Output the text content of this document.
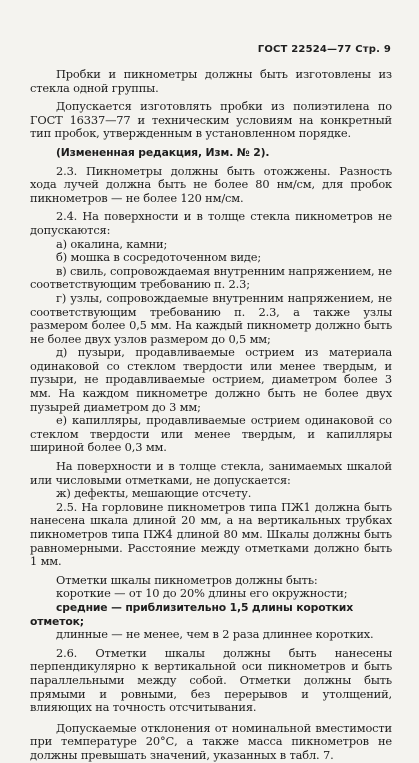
ГОСТ 22524—77 Стр. 9

Пробки и пикнометры должны быть изготовлены из стекла одной группы.

Допускается изготовлять пробки из полиэтилена по ГОСТ 16337—77 и техническим условиям на конкретный тип пробок, утвержденным в установленном порядке.

(Измененная редакция, Изм. № 2).

2.3. Пикнометры должны быть отожжены. Разность хода лучей должна быть не более 80 нм/см, для пробок пикнометров — не более 120 нм/см.

2.4. На поверхности и в толще стекла пикнометров не допускаются:

а) окалина, камни;

б) мошка в сосредоточенном виде;

в) свиль, сопровождаемая внутренним напряжением, не соответствующим требованию п. 2.3;

г) узлы, сопровождаемые внутренним напряжением, не соответствующим требованию п. 2.3, а также узлы размером более 0,5 мм. На каждый пикнометр должно быть не более двух узлов размером до 0,5 мм;

д) пузыри, продавливаемые острием из материала одинаковой со стеклом твердости или менее твердым, и пузыри, не продавливаемые острием, диаметром более 3 мм. На каждом пикнометре должно быть не более двух пузырей диаметром до 3 мм;

е) капилляры, продавливаемые острием одинаковой со стеклом твердости или менее твердым, и капилляры шириной более 0,3 мм.

На поверхности и в толще стекла, занимаемых шкалой или числовыми отметками, не допускается:

ж) дефекты, мешающие отсчету.

2.5. На горловине пикнометров типа ПЖ1 должна быть нанесена шкала длиной 20 мм, а на вертикальных трубках пикнометров типа ПЖ4 длиной 80 мм. Шкалы должны быть равномерными. Расстояние между отметками должно быть 1 мм.

Отметки шкалы пикнометров должны быть:

короткие — от 10 до 20% длины его окружности;

средние — приблизительно 1,5 длины коротких отметок;

длинные — не менее, чем в 2 раза длиннее коротких.

2.6. Отметки шкалы должны быть нанесены перпендикулярно к вертикальной оси пикнометров и быть параллельными между собой. Отметки должны быть прямыми и ровными, без перерывов и утолщений, влияющих на точность отсчитывания.

Допускаемые отклонения от номинальной вместимости при температуре 20°С, а также масса пикнометров не должны превышать значений, указанных в табл. 7.
